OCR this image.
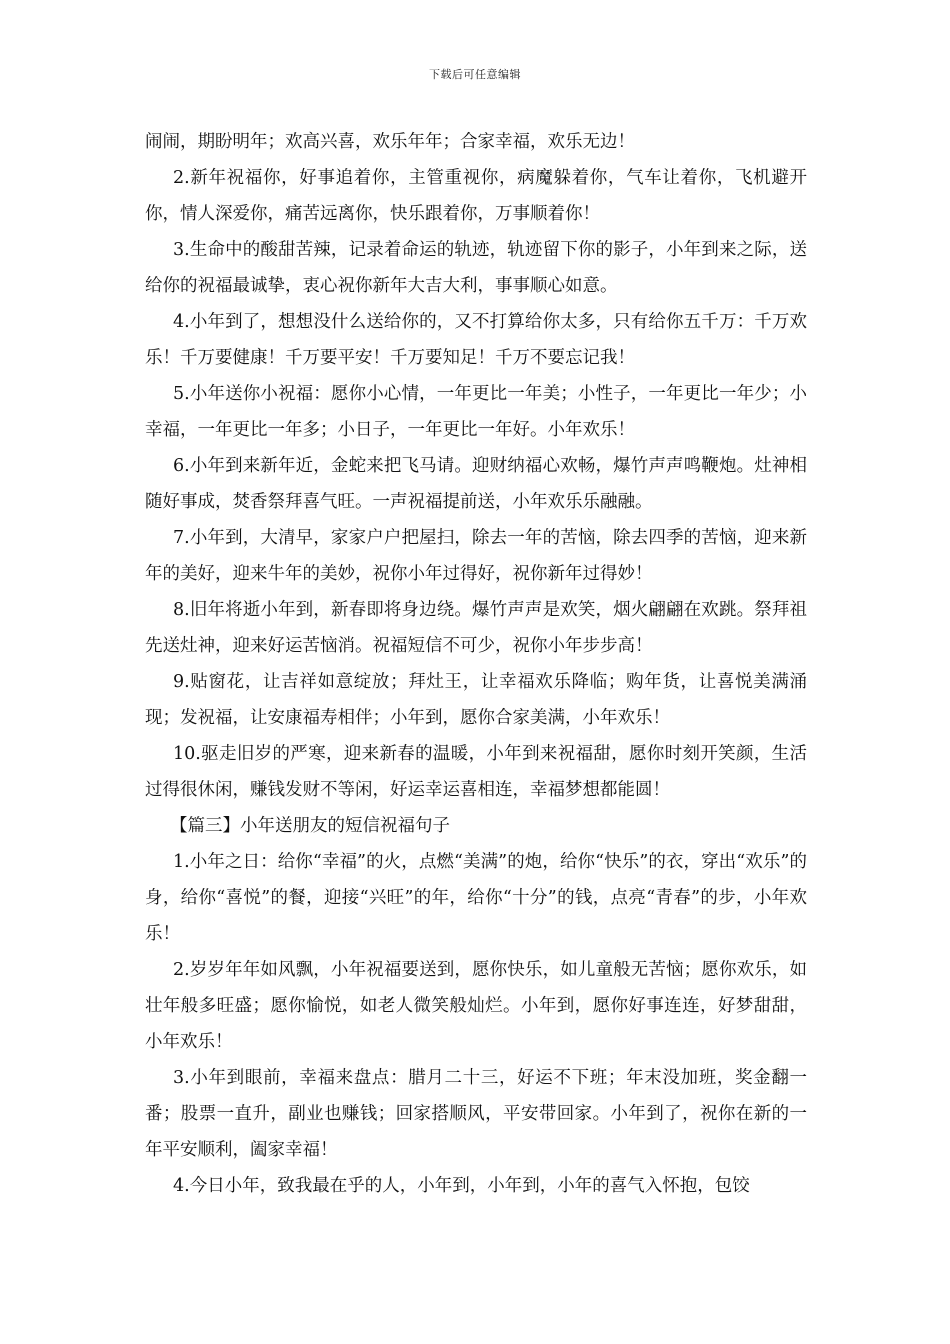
下载后可任意编辑

闹闹，期盼明年；欢高兴喜，欢乐年年；合家幸福，欢乐无边！

2.新年祝福你，好事追着你，主管重视你，病魔躲着你，气车让着你，飞机避开你，情人深爱你，痛苦远离你，快乐跟着你，万事顺着你！

3.生命中的酸甜苦辣，记录着命运的轨迹，轨迹留下你的影子，小年到来之际，送给你的祝福最诚挚，衷心祝你新年大吉大利，事事顺心如意。

4.小年到了，想想没什么送给你的，又不打算给你太多，只有给你五千万：千万欢乐！千万要健康！千万要平安！千万要知足！千万不要忘记我！

5.小年送你小祝福：愿你小心情，一年更比一年美；小性子，一年更比一年少；小幸福，一年更比一年多；小日子，一年更比一年好。小年欢乐！

6.小年到来新年近，金蛇来把飞马请。迎财纳福心欢畅，爆竹声声鸣鞭炮。灶神相随好事成，焚香祭拜喜气旺。一声祝福提前送，小年欢乐乐融融。

7.小年到，大清早，家家户户把屋扫，除去一年的苦恼，除去四季的苦恼，迎来新年的美好，迎来牛年的美妙，祝你小年过得好，祝你新年过得妙！

8.旧年将逝小年到，新春即将身边绕。爆竹声声是欢笑，烟火翩翩在欢跳。祭拜祖先送灶神，迎来好运苦恼消。祝福短信不可少，祝你小年步步高！

9.贴窗花，让吉祥如意绽放；拜灶王，让幸福欢乐降临；购年货，让喜悦美满涌现；发祝福，让安康福寿相伴；小年到，愿你合家美满，小年欢乐！

10.驱走旧岁的严寒，迎来新春的温暖，小年到来祝福甜，愿你时刻开笑颜，生活过得很休闲，赚钱发财不等闲，好运幸运喜相连，幸福梦想都能圆！

【篇三】小年送朋友的短信祝福句子

1.小年之日：给你“幸福”的火，点燃“美满”的炮，给你“快乐”的衣，穿出“欢乐”的身，给你“喜悦”的餐，迎接“兴旺”的年，给你“十分”的钱，点亮“青春”的步，小年欢乐！

2.岁岁年年如风飘，小年祝福要送到，愿你快乐，如儿童般无苦恼；愿你欢乐，如壮年般多旺盛；愿你愉悦，如老人微笑般灿烂。小年到，愿你好事连连，好梦甜甜，小年欢乐！

3.小年到眼前，幸福来盘点：腊月二十三，好运不下班；年末没加班，奖金翻一番；股票一直升，副业也赚钱；回家搭顺风，平安带回家。小年到了，祝你在新的一年平安顺利，阖家幸福！

4.今日小年，致我最在乎的人，小年到，小年到，小年的喜气入怀抱，包饺
